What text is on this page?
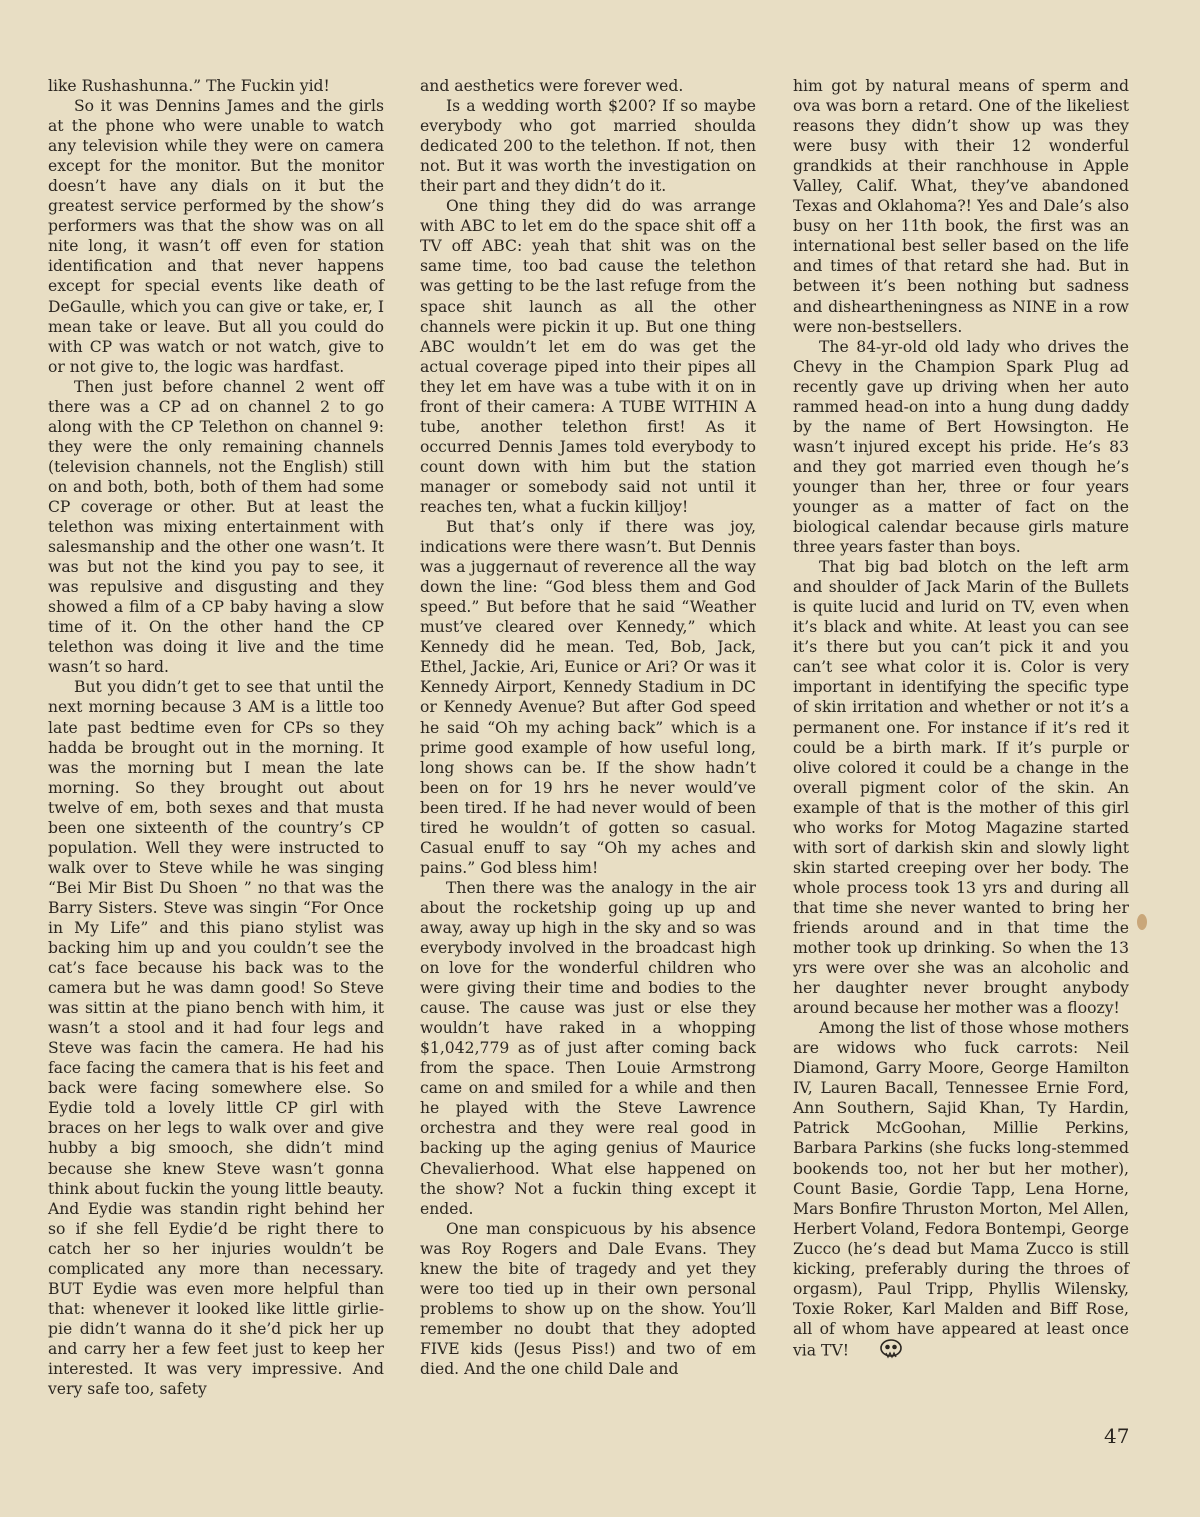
like Rushashunna.” The Fuckin yid!

So it was Dennins James and the girls at the phone who were unable to watch any television while they were on camera except for the monitor. But the monitor doesn’t have any dials on it but the greatest service performed by the show’s performers was that the show was on all nite long, it wasn’t off even for station identification and that never happens except for special events like death of DeGaulle, which you can give or take, er, I mean take or leave. But all you could do with CP was watch or not watch, give to or not give to, the logic was hardfast.

Then just before channel 2 went off there was a CP ad on channel 2 to go along with the CP Telethon on channel 9: they were the only remaining channels (television channels, not the English) still on and both, both, both of them had some CP coverage or other. But at least the telethon was mixing entertainment with salesmanship and the other one wasn’t. It was but not the kind you pay to see, it was repulsive and disgusting and they showed a film of a CP baby having a slow time of it. On the other hand the CP telethon was doing it live and the time wasn’t so hard.

But you didn’t get to see that until the next morning because 3 AM is a little too late past bedtime even for CPs so they hadda be brought out in the morning. It was the morning but I mean the late morning. So they brought out about twelve of em, both sexes and that musta been one sixteenth of the country’s CP population. Well they were instructed to walk over to Steve while he was singing “Bei Mir Bist Du Shoen ” no that was the Barry Sisters. Steve was singin “For Once in My Life” and this piano stylist was backing him up and you couldn’t see the cat’s face because his back was to the camera but he was damn good! So Steve was sittin at the piano bench with him, it wasn’t a stool and it had four legs and Steve was facin the camera. He had his face facing the camera that is his feet and back were facing somewhere else. So Eydie told a lovely little CP girl with braces on her legs to walk over and give hubby a big smooch, she didn’t mind because she knew Steve wasn’t gonna think about fuckin the young little beauty. And Eydie was standin right behind her so if she fell Eydie’d be right there to catch her so her injuries wouldn’t be complicated any more than necessary. BUT Eydie was even more helpful than that: whenever it looked like little girlie-pie didn’t wanna do it she’d pick her up and carry her a few feet just to keep her interested. It was very impressive. And very safe too, safety

and aesthetics were forever wed.

Is a wedding worth $200? If so maybe everybody who got married shoulda dedicated 200 to the telethon. If not, then not. But it was worth the investigation on their part and they didn’t do it.

One thing they did do was arrange with ABC to let em do the space shit off a TV off ABC: yeah that shit was on the same time, too bad cause the telethon was getting to be the last refuge from the space shit launch as all the other channels were pickin it up. But one thing ABC wouldn’t let em do was get the actual coverage piped into their pipes all they let em have was a tube with it on in front of their camera: A TUBE WITHIN A tube, another telethon first! As it occurred Dennis James told everybody to count down with him but the station manager or somebody said not until it reaches ten, what a fuckin killjoy!

But that’s only if there was joy, indications were there wasn’t. But Dennis was a juggernaut of reverence all the way down the line: “God bless them and God speed.” But before that he said “Weather must’ve cleared over Kennedy,” which Kennedy did he mean. Ted, Bob, Jack, Ethel, Jackie, Ari, Eunice or Ari? Or was it Kennedy Airport, Kennedy Stadium in DC or Kennedy Avenue? But after God speed he said “Oh my aching back” which is a prime good example of how useful long, long shows can be. If the show hadn’t been on for 19 hrs he never would’ve been tired. If he had never would of been tired he wouldn’t of gotten so casual. Casual enuff to say “Oh my aches and pains.” God bless him!

Then there was the analogy in the air about the rocketship going up up and away, away up high in the sky and so was everybody involved in the broadcast high on love for the wonderful children who were giving their time and bodies to the cause. The cause was just or else they wouldn’t have raked in a whopping $1,042,779 as of just after coming back from the space. Then Louie Armstrong came on and smiled for a while and then he played with the Steve Lawrence orchestra and they were real good in backing up the aging genius of Maurice Chevalierhood. What else happened on the show? Not a fuckin thing except it ended.

One man conspicuous by his absence was Roy Rogers and Dale Evans. They knew the bite of tragedy and yet they were too tied up in their own personal problems to show up on the show. You’ll remember no doubt that they adopted FIVE kids (Jesus Piss!) and two of em died. And the one child Dale and

him got by natural means of sperm and ova was born a retard. One of the likeliest reasons they didn’t show up was they were busy with their 12 wonderful grandkids at their ranchhouse in Apple Valley, Calif. What, they’ve abandoned Texas and Oklahoma?! Yes and Dale’s also busy on her 11th book, the first was an international best seller based on the life and times of that retard she had. But in between it’s been nothing but sadness and disheartheningness as NINE in a row were non-bestsellers.

The 84-yr-old old lady who drives the Chevy in the Champion Spark Plug ad recently gave up driving when her auto rammed head-on into a hung dung daddy by the name of Bert Howsington. He wasn’t injured except his pride. He’s 83 and they got married even though he’s younger than her, three or four years younger as a matter of fact on the biological calendar because girls mature three years faster than boys.

That big bad blotch on the left arm and shoulder of Jack Marin of the Bullets is quite lucid and lurid on TV, even when it’s black and white. At least you can see it’s there but you can’t pick it and you can’t see what color it is. Color is very important in identifying the specific type of skin irritation and whether or not it’s a permanent one. For instance if it’s red it could be a birth mark. If it’s purple or olive colored it could be a change in the overall pigment color of the skin. An example of that is the mother of this girl who works for Motog Magazine started with sort of darkish skin and slowly light skin started creeping over her body. The whole process took 13 yrs and during all that time she never wanted to bring her friends around and in that time the mother took up drinking. So when the 13 yrs were over she was an alcoholic and her daughter never brought anybody around because her mother was a floozy!

Among the list of those whose mothers are widows who fuck carrots: Neil Diamond, Garry Moore, George Hamilton IV, Lauren Bacall, Tennessee Ernie Ford, Ann Southern, Sajid Khan, Ty Hardin, Patrick McGoohan, Millie Perkins, Barbara Parkins (she fucks long-stemmed bookends too, not her but her mother), Count Basie, Gordie Tapp, Lena Horne, Mars Bonfire Thruston Morton, Mel Allen, Herbert Voland, Fedora Bontempi, George Zucco (he’s dead but Mama Zucco is still kicking, preferably during the throes of orgasm), Paul Tripp, Phyllis Wilensky, Toxie Roker, Karl Malden and Biff Rose, all of whom have appeared at least once via TV!

47
